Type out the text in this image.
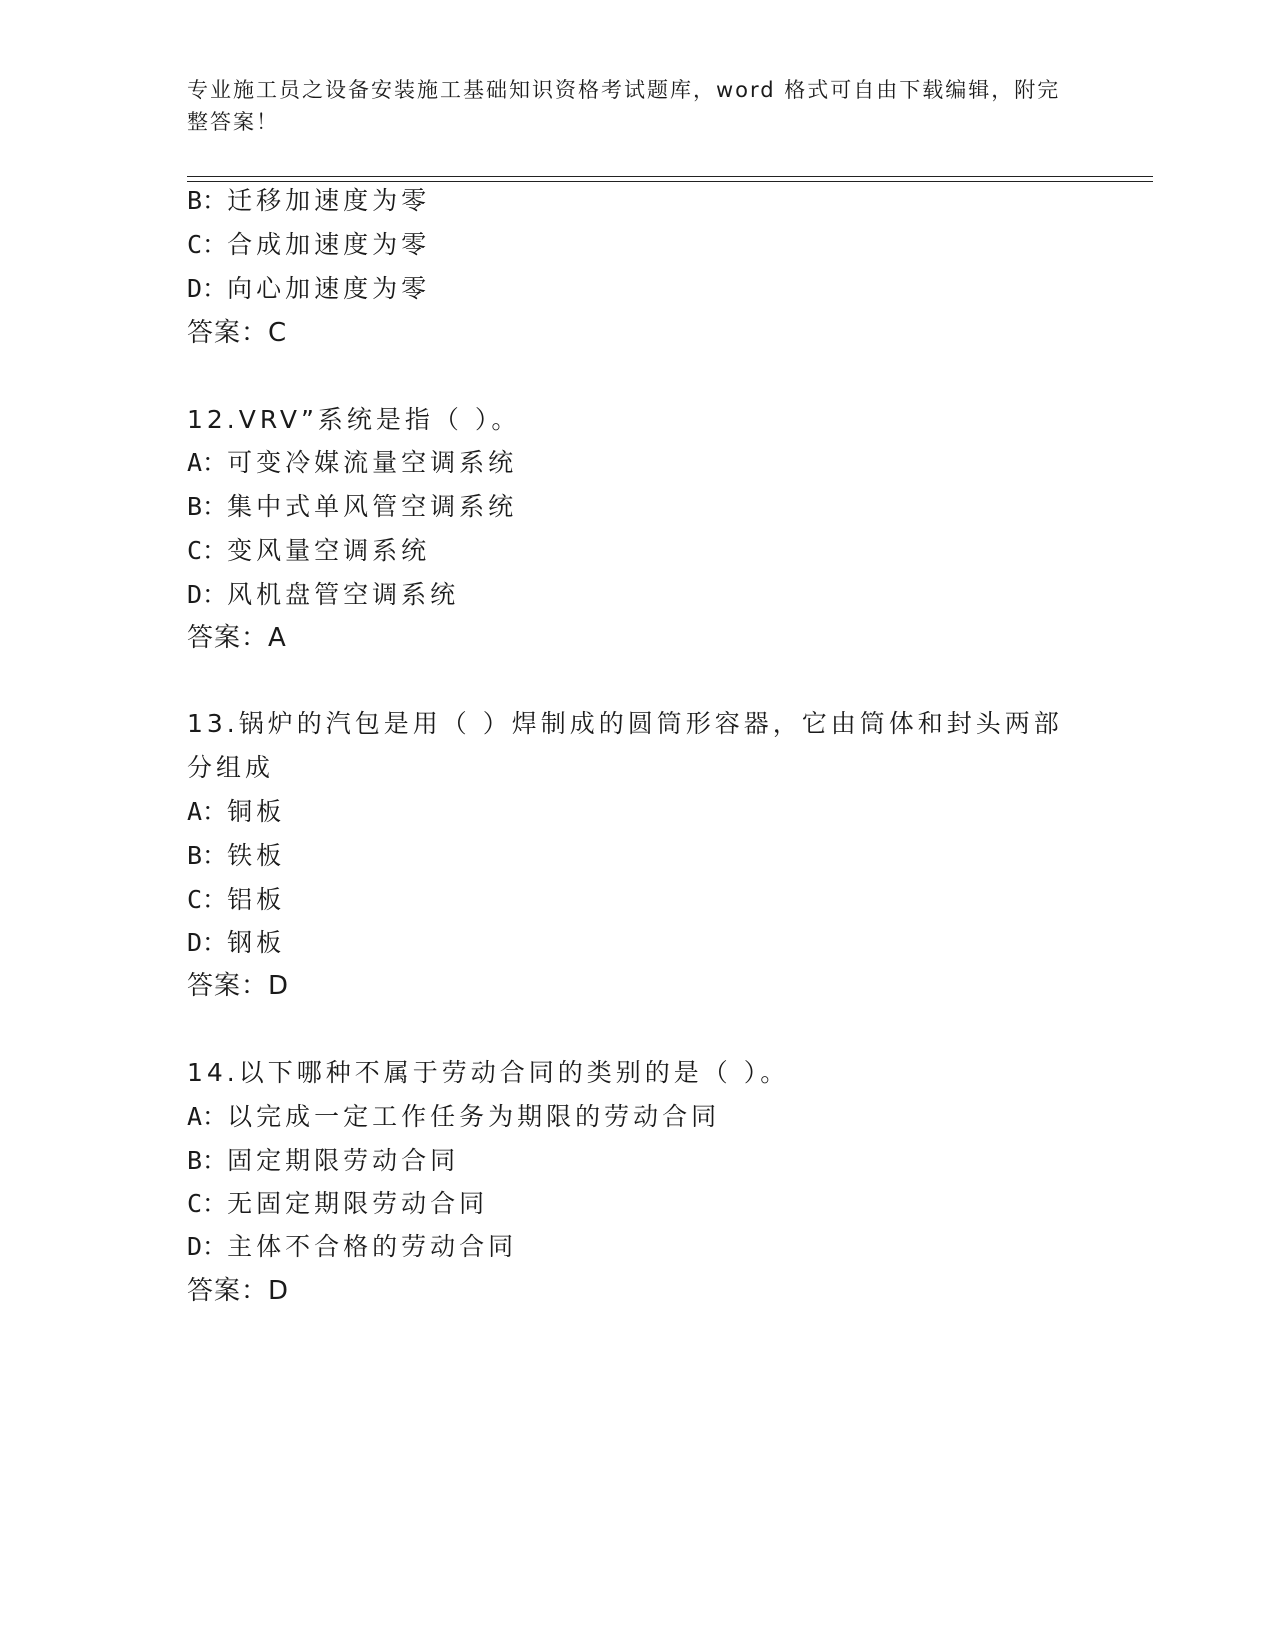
专业施工员之设备安装施工基础知识资格考试题库，word 格式可自由下载编辑，附完整答案！
B：迁移加速度为零
C：合成加速度为零
D：向心加速度为零
答案：C
12.VRV”系统是指（ ）。
A：可变冷媒流量空调系统
B：集中式单风管空调系统
C：变风量空调系统
D：风机盘管空调系统
答案：A
13.锅炉的汽包是用（ ）焊制成的圆筒形容器，它由筒体和封头两部
分组成
A：铜板
B：铁板
C：铝板
D：钢板
答案：D
14.以下哪种不属于劳动合同的类别的是（ ）。
A：以完成一定工作任务为期限的劳动合同
B：固定期限劳动合同
C：无固定期限劳动合同
D：主体不合格的劳动合同
答案：D
